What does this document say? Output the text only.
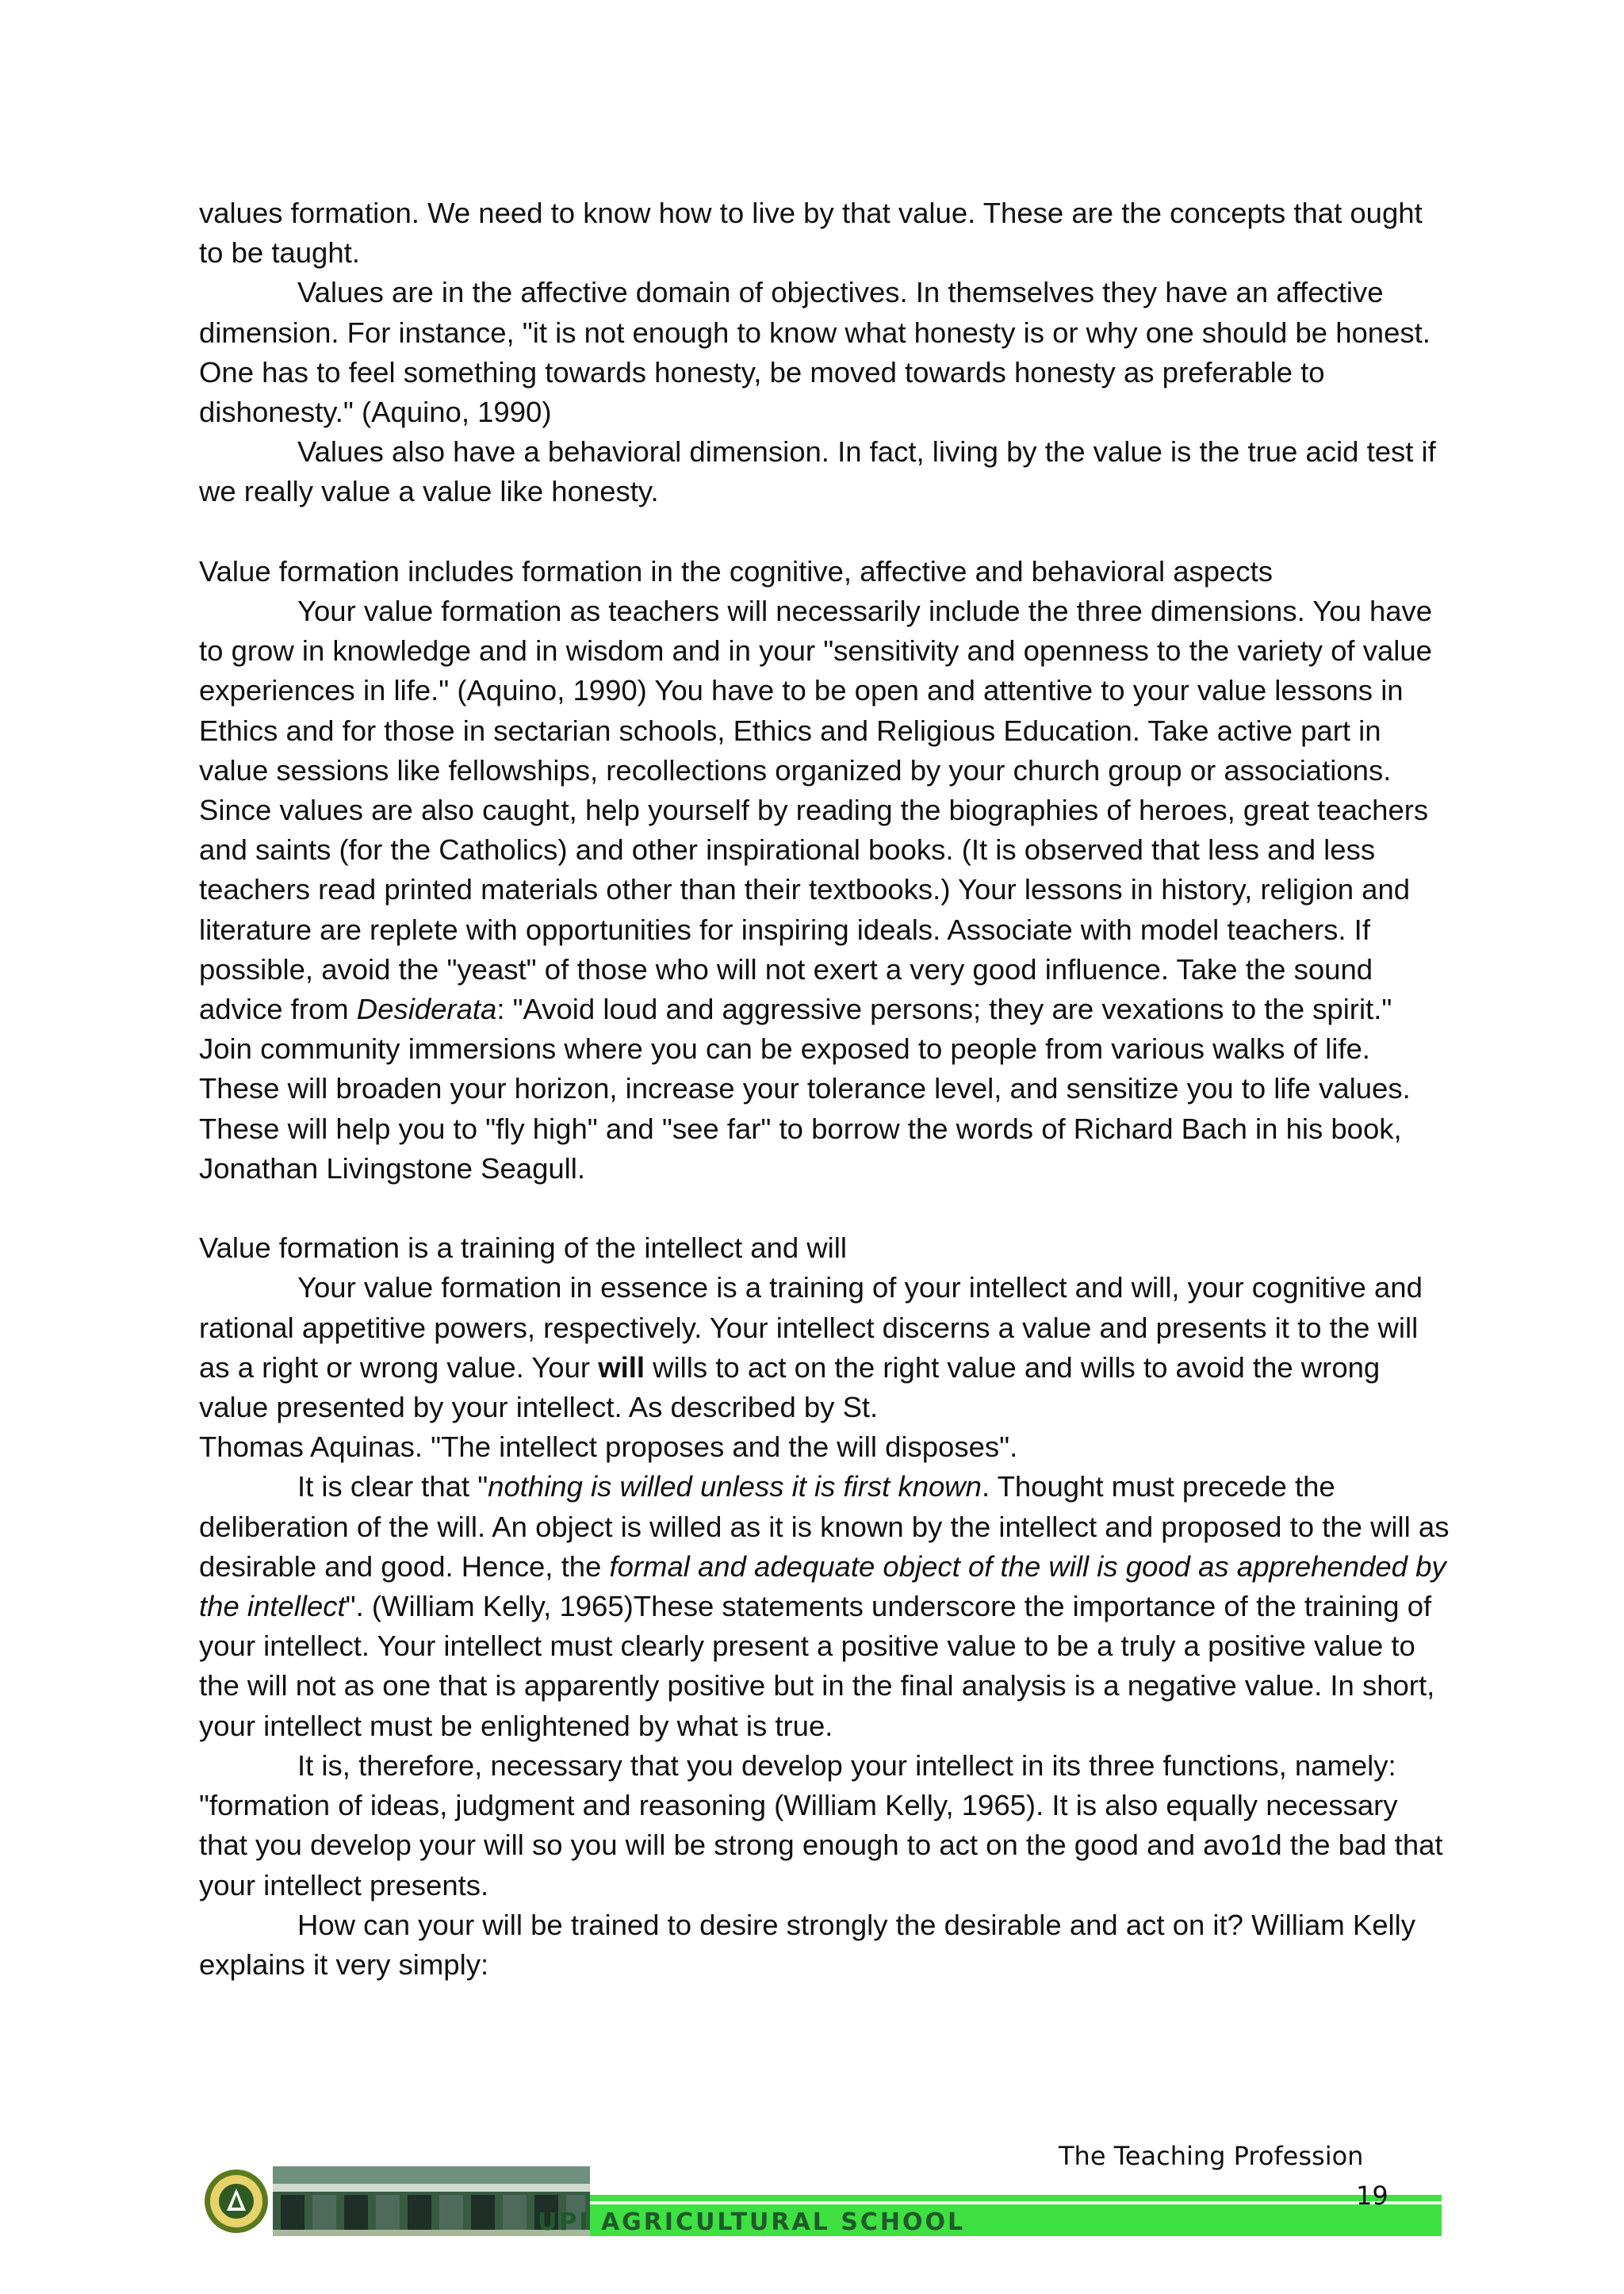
values formation. We need to know how to live by that value. These are the concepts that ought to be taught.

Values are in the affective domain of objectives. In themselves they have an affective dimension. For instance, "it is not enough to know what honesty is or why one should be honest. One has to feel something towards honesty, be moved towards honesty as preferable to dishonesty." (Aquino, 1990)

Values also have a behavioral dimension. In fact, living by the value is the true acid test if we really value a value like honesty.

Value formation includes formation in the cognitive, affective and behavioral aspects

Your value formation as teachers will necessarily include the three dimensions. You have to grow in knowledge and in wisdom and in your "sensitivity and openness to the variety of value experiences in life." (Aquino, 1990) You have to be open and attentive to your value lessons in Ethics and for those in sectarian schools, Ethics and Religious Education. Take active part in value sessions like fellowships, recollections organized by your church group or associations. Since values are also caught, help yourself by reading the biographies of heroes, great teachers and saints (for the Catholics) and other inspirational books. (It is observed that less and less teachers read printed materials other than their textbooks.) Your lessons in history, religion and literature are replete with opportunities for inspiring ideals. Associate with model teachers. If possible, avoid the "yeast" of those who will not exert a very good influence. Take the sound advice from Desiderata: "Avoid loud and aggressive persons; they are vexations to the spirit." Join community immersions where you can be exposed to people from various walks of life. These will broaden your horizon, increase your tolerance level, and sensitize you to life values. These will help you to "fly high" and "see far" to borrow the words of Richard Bach in his book, Jonathan Livingstone Seagull.

Value formation is a training of the intellect and will

Your value formation in essence is a training of your intellect and will, your cognitive and rational appetitive powers, respectively. Your intellect discerns a value and presents it to the will as a right or wrong value. Your will wills to act on the right value and wills to avoid the wrong value presented by your intellect. As described by St.

Thomas Aquinas. "The intellect proposes and the will disposes".

It is clear that "nothing is willed unless it is first known. Thought must precede the deliberation of the will. An object is willed as it is known by the intellect and proposed to the will as desirable and good. Hence, the formal and adequate object of the will is good as apprehended by the intellect". (William Kelly, 1965)These statements underscore the importance of the training of your intellect. Your intellect must clearly present a positive value to be a truly a positive value to the will not as one that is apparently positive but in the final analysis is a negative value. In short, your intellect must be enlightened by what is true.

It is, therefore, necessary that you develop your intellect in its three functions, namely: "formation of ideas, judgment and reasoning (William Kelly, 1965). It is also equally necessary that you develop your will so you will be strong enough to act on the good and avo1d the bad that your intellect presents.

How can your will be trained to desire strongly the desirable and act on it? William Kelly explains it very simply:

The Teaching Profession
UPI AGRICULTURAL SCHOOL
19
